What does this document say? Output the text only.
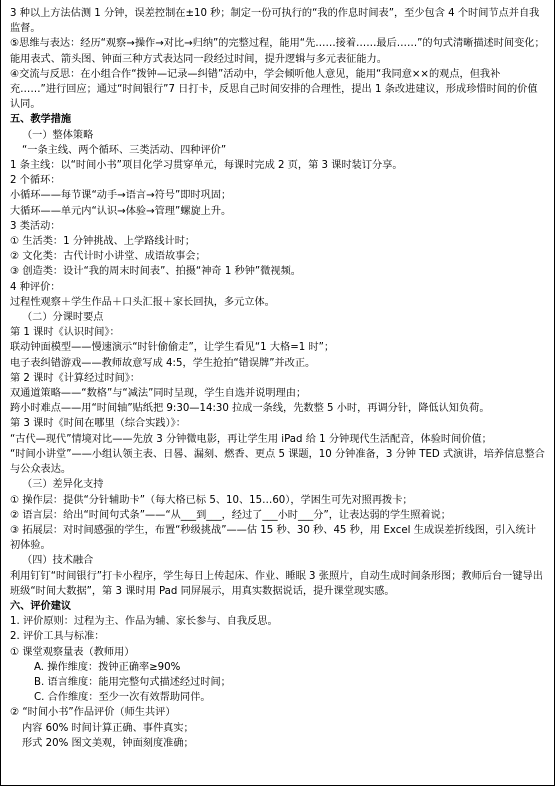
3 种以上方法估测 1 分钟，误差控制在±10 秒；制定一份可执行的“我的作息时间表”，至少包含 4 个时间节点并自我监督。
⑤思维与表达：经历“观察→操作→对比→归纳”的完整过程，能用“先……接着……最后……”的句式清晰描述时间变化；能用表式、箭头图、钟面三种方式表达同一段经过时间，提升逻辑与多元表征能力。
④交流与反思：在小组合作“拨钟—记录—纠错”活动中，学会倾听他人意见，能用“我同意××的观点，但我补充……”进行回应；通过“时间银行”7 日打卡，反思自己时间安排的合理性，提出 1 条改进建议，形成珍惜时间的价值认同。
五、教学措施
（一）整体策略
“一条主线、两个循环、三类活动、四种评价”
1 条主线：以“时间小书”项目化学习贯穿单元，每课时完成 2 页，第 3 课时装订分享。
2 个循环：
小循环——每节课“动手→语言→符号”即时巩固；
大循环——单元内“认识→体验→管理”螺旋上升。
3 类活动：
① 生活类：1 分钟挑战、上学路线计时；
② 文化类：古代计时小讲堂、成语故事会；
③ 创造类：设计“我的周末时间表”、拍摄“神奇 1 秒钟”微视频。
4 种评价：
过程性观察＋学生作品＋口头汇报＋家长回执，多元立体。
（二）分课时要点
第 1 课时《认识时间》：
联动钟面模型——慢速演示“时针偷偷走”，让学生看见“1 大格=1 时”；
电子表纠错游戏——教师故意写成 4:5，学生抢拍“错误牌”并改正。
第 2 课时《计算经过时间》：
双通道策略——“数格”与“减法”同时呈现，学生自选并说明理由；
跨小时难点——用“时间轴”贴纸把 9:30—14:30 拉成一条线，先数整 5 小时，再调分针，降低认知负荷。
第 3 课时《时间在哪里（综合实践）》：
“古代—现代”情境对比——先放 3 分钟微电影，再让学生用 iPad 给 1 分钟现代生活配音，体验时间价值；
“时间小讲堂”——小组认领主表、日晷、漏刻、燃香、更点 5 课题，10 分钟准备，3 分钟 TED 式演讲，培养信息整合与公众表达。
（三）差异化支持
① 操作层：提供“分针辅助卡”（每大格已标 5、10、15…60），学困生可先对照再拨卡；
② 语言层：给出“时间句式条”——“从___到___，经过了___小时___分”，让表达弱的学生照着说；
③ 拓展层：对时间感强的学生，布置“秒级挑战”——估 15 秒、30 秒、45 秒，用 Excel 生成误差折线图，引入统计初体验。
（四）技术融合
利用钉钉“时间银行”打卡小程序，学生每日上传起床、作业、睡眠 3 张照片，自动生成时间条形图；教师后台一键导出班级“时间大数据”，第 3 课时用 Pad 同屏展示，用真实数据说话，提升课堂现实感。
六、评价建议
1. 评价原则：过程为主、作品为辅、家长参与、自我反思。
2. 评价工具与标准：
① 课堂观察量表（教师用）
A. 操作维度：拨钟正确率≥90%
B. 语言维度：能用完整句式描述经过时间；
C. 合作维度：至少一次有效帮助同伴。
② “时间小书”作品评价（师生共评）
内容 60% 时间计算正确、事件真实；
形式 20% 图文美观，钟面刻度准确；
